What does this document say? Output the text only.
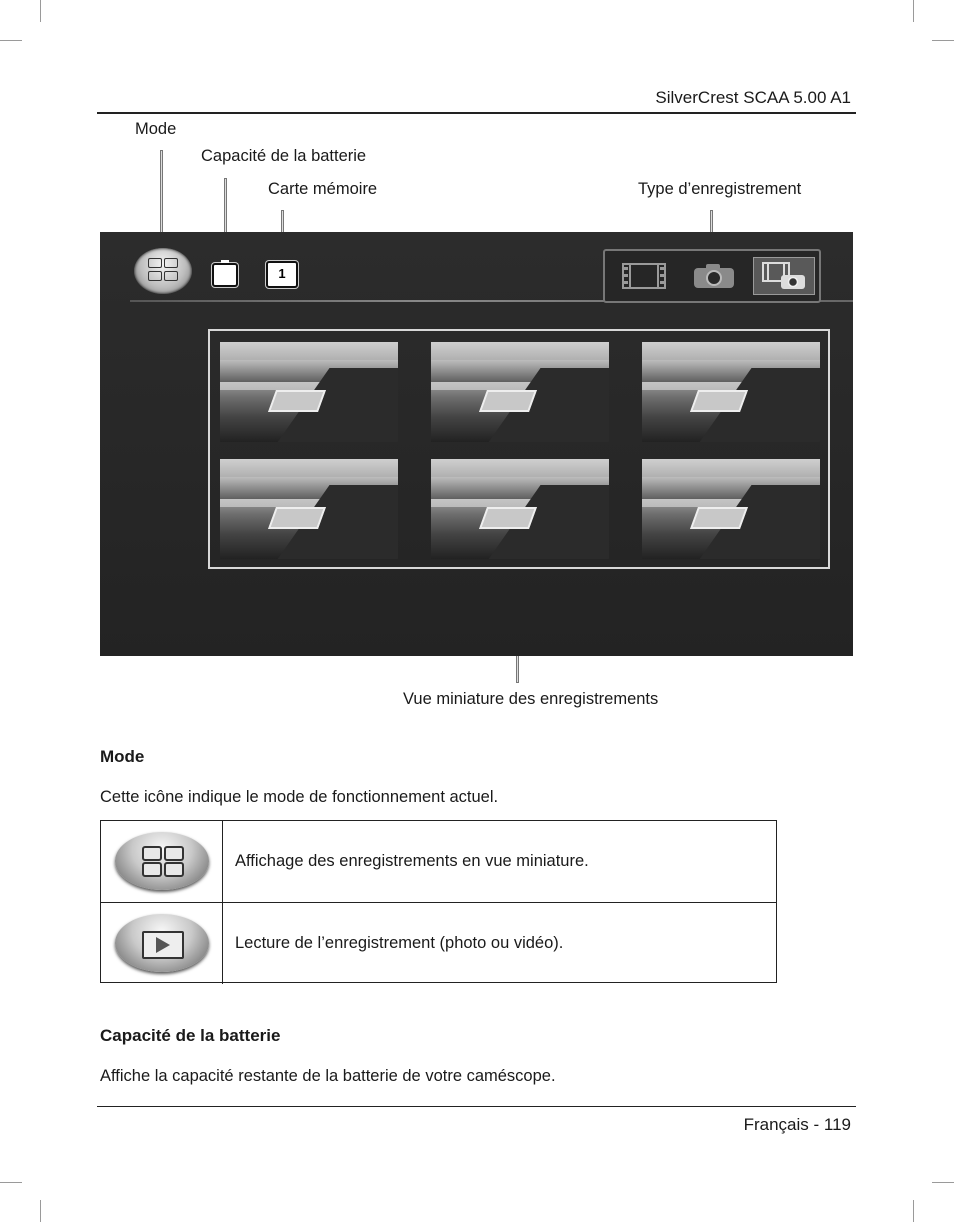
SilverCrest SCAA 5.00 A1
Mode
Capacité de la batterie
Carte mémoire	Type d’enregistrement
Vue miniature des enregistrements
1
Mode
Cette icône indique le mode de fonctionnement actuel.
Affichage des enregistrements en vue miniature.
Lecture de l’enregistrement (photo ou vidéo).
Capacité de la batterie
Affiche la capacité restante de la batterie de votre caméscope.
Français - 119
